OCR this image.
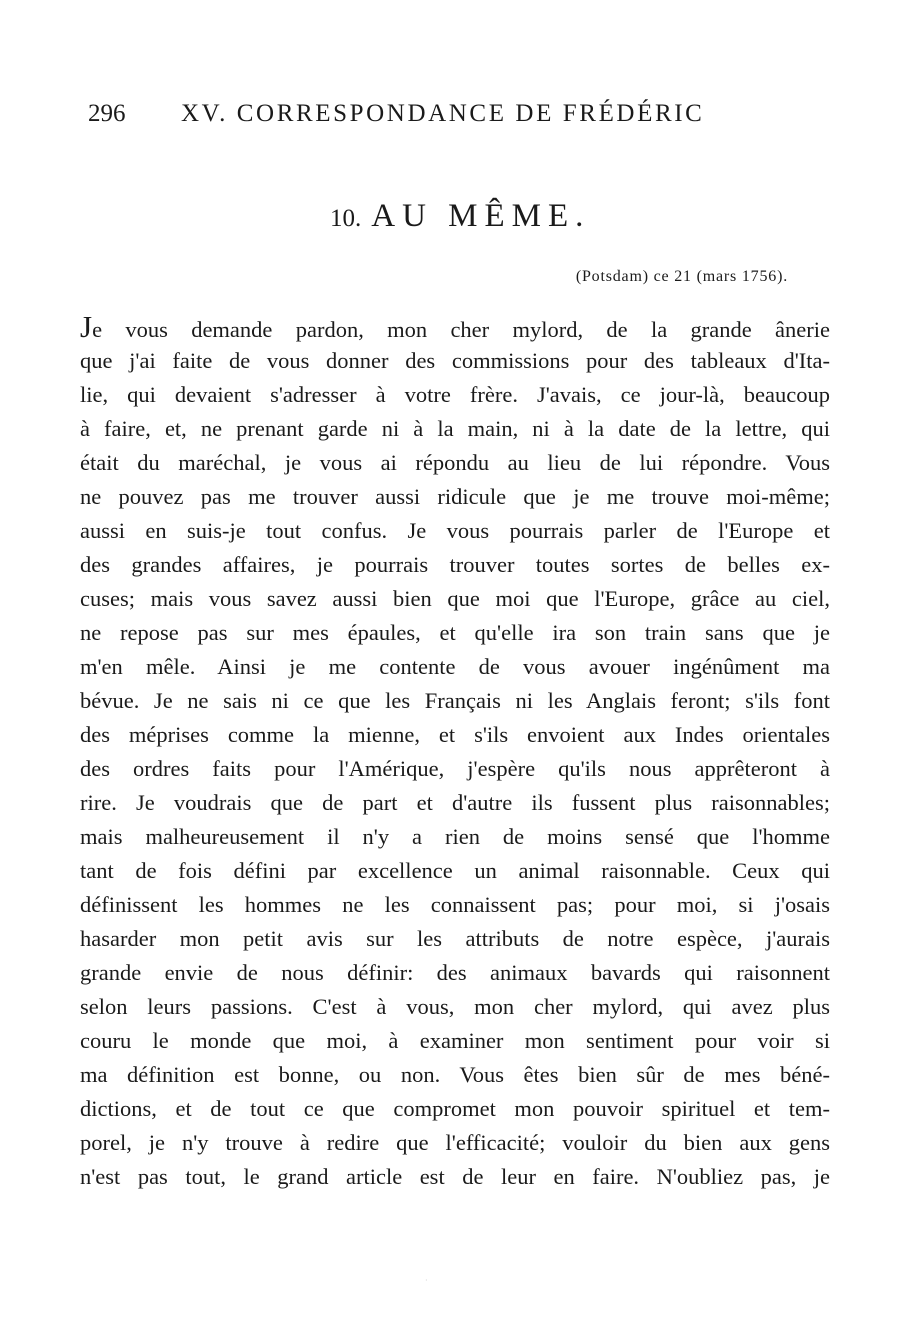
296 XV. CORRESPONDANCE DE FRÉDÉRIC
10. AU MÊME.
(Potsdam) ce 21 (mars 1756).
Je vous demande pardon, mon cher mylord, de la grande ânerie
que j'ai faite de vous donner des commissions pour des tableaux d'Ita-
lie, qui devaient s'adresser à votre frère. J'avais, ce jour-là, beaucoup
à faire, et, ne prenant garde ni à la main, ni à la date de la lettre, qui
était du maréchal, je vous ai répondu au lieu de lui répondre. Vous
ne pouvez pas me trouver aussi ridicule que je me trouve moi-même;
aussi en suis-je tout confus. Je vous pourrais parler de l'Europe et
des grandes affaires, je pourrais trouver toutes sortes de belles ex-
cuses; mais vous savez aussi bien que moi que l'Europe, grâce au ciel,
ne repose pas sur mes épaules, et qu'elle ira son train sans que je
m'en mêle. Ainsi je me contente de vous avouer ingénûment ma
bévue. Je ne sais ni ce que les Français ni les Anglais feront; s'ils font
des méprises comme la mienne, et s'ils envoient aux Indes orientales
des ordres faits pour l'Amérique, j'espère qu'ils nous apprêteront à
rire. Je voudrais que de part et d'autre ils fussent plus raisonnables;
mais malheureusement il n'y a rien de moins sensé que l'homme
tant de fois défini par excellence un animal raisonnable. Ceux qui
définissent les hommes ne les connaissent pas; pour moi, si j'osais
hasarder mon petit avis sur les attributs de notre espèce, j'aurais
grande envie de nous définir: des animaux bavards qui raisonnent
selon leurs passions. C'est à vous, mon cher mylord, qui avez plus
couru le monde que moi, à examiner mon sentiment pour voir si
ma définition est bonne, ou non. Vous êtes bien sûr de mes béné-
dictions, et de tout ce que compromet mon pouvoir spirituel et tem-
porel, je n'y trouve à redire que l'efficacité; vouloir du bien aux gens
n'est pas tout, le grand article est de leur en faire. N'oubliez pas, je
·
